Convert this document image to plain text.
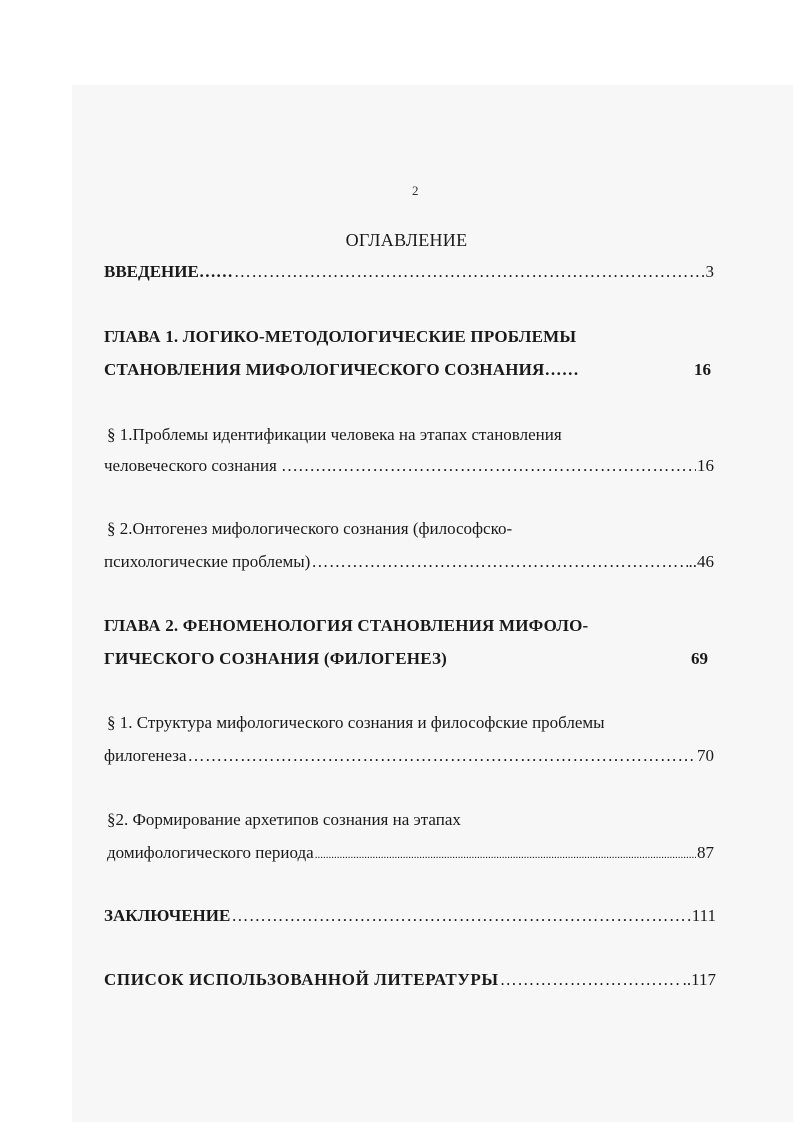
2
ОГЛАВЛЕНИЕ
ВВЕДЕНИЕ…… …………………………………………………………………………………………………………………………………………………………………………	3
ГЛАВА 1. ЛОГИКО-МЕТОДОЛОГИЧЕСКИЕ ПРОБЛЕМЫ
СТАНОВЛЕНИЯ МИФОЛОГИЧЕСКОГО СОЗНАНИЯ……	16
§ 1.Проблемы идентификации человека на этапах становления
человеческого сознания ………. …………………………………………………………………………………………………………………………………………………………………………	16
§ 2.Онтогенез мифологического сознания (философско-
психологические проблемы) …………………………………………………………………………………………………………………………………………………………………………	..46
ГЛАВА 2. ФЕНОМЕНОЛОГИЯ СТАНОВЛЕНИЯ МИФОЛО-
ГИЧЕСКОГО СОЗНАНИЯ (ФИЛОГЕНЕЗ)	69
§ 1. Структура мифологического сознания и философские проблемы
филогенеза …………………………………………………………………………………………………………………………………………………………………………	70
§2. Формирование архетипов сознания на этапах
домифологического периода .....	87
ЗАКЛЮЧЕНИЕ …………………………………………………………………………………………………………………………………………………………………………	111
СПИСОК ИСПОЛЬЗОВАННОЙ ЛИТЕРАТУРЫ …………………………………………………………………………………………………………………………………………………………………………	..117
